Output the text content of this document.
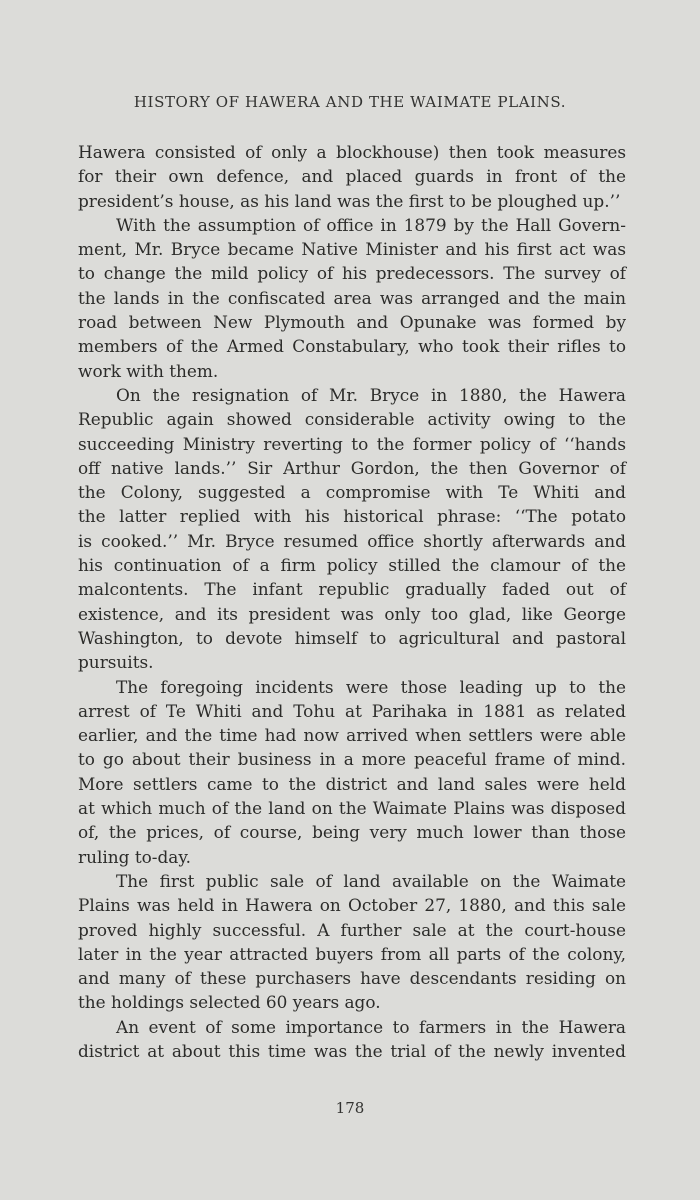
HISTORY OF HAWERA AND THE WAIMATE PLAINS.
Hawera consisted of only a blockhouse) then took measures
for their own defence, and placed guards in front of the
president’s house, as his land was the first to be ploughed up.’’
With the assumption of office in 1879 by the Hall Govern-
ment, Mr. Bryce became Native Minister and his first act was
to change the mild policy of his predecessors. The survey of
the lands in the confiscated area was arranged and the main
road between New Plymouth and Opunake was formed by
members of the Armed Constabulary, who took their rifles to
work with them.
On the resignation of Mr. Bryce in 1880, the Hawera
Republic again showed considerable activity owing to the
succeeding Ministry reverting to the former policy of ‘‘hands
off native lands.’’ Sir Arthur Gordon, the then Governor of
the Colony, suggested a compromise with Te Whiti and
the latter replied with his historical phrase: ‘‘The potato
is cooked.’’ Mr. Bryce resumed office shortly afterwards and
his continuation of a firm policy stilled the clamour of the
malcontents. The infant republic gradually faded out of
existence, and its president was only too glad, like George
Washington, to devote himself to agricultural and pastoral
pursuits.
The foregoing incidents were those leading up to the
arrest of Te Whiti and Tohu at Parihaka in 1881 as related
earlier, and the time had now arrived when settlers were able
to go about their business in a more peaceful frame of mind.
More settlers came to the district and land sales were held
at which much of the land on the Waimate Plains was disposed
of, the prices, of course, being very much lower than those
ruling to-day.
The first public sale of land available on the Waimate
Plains was held in Hawera on October 27, 1880, and this sale
proved highly successful. A further sale at the court-house
later in the year attracted buyers from all parts of the colony,
and many of these purchasers have descendants residing on
the holdings selected 60 years ago.
An event of some importance to farmers in the Hawera
district at about this time was the trial of the newly invented
178
